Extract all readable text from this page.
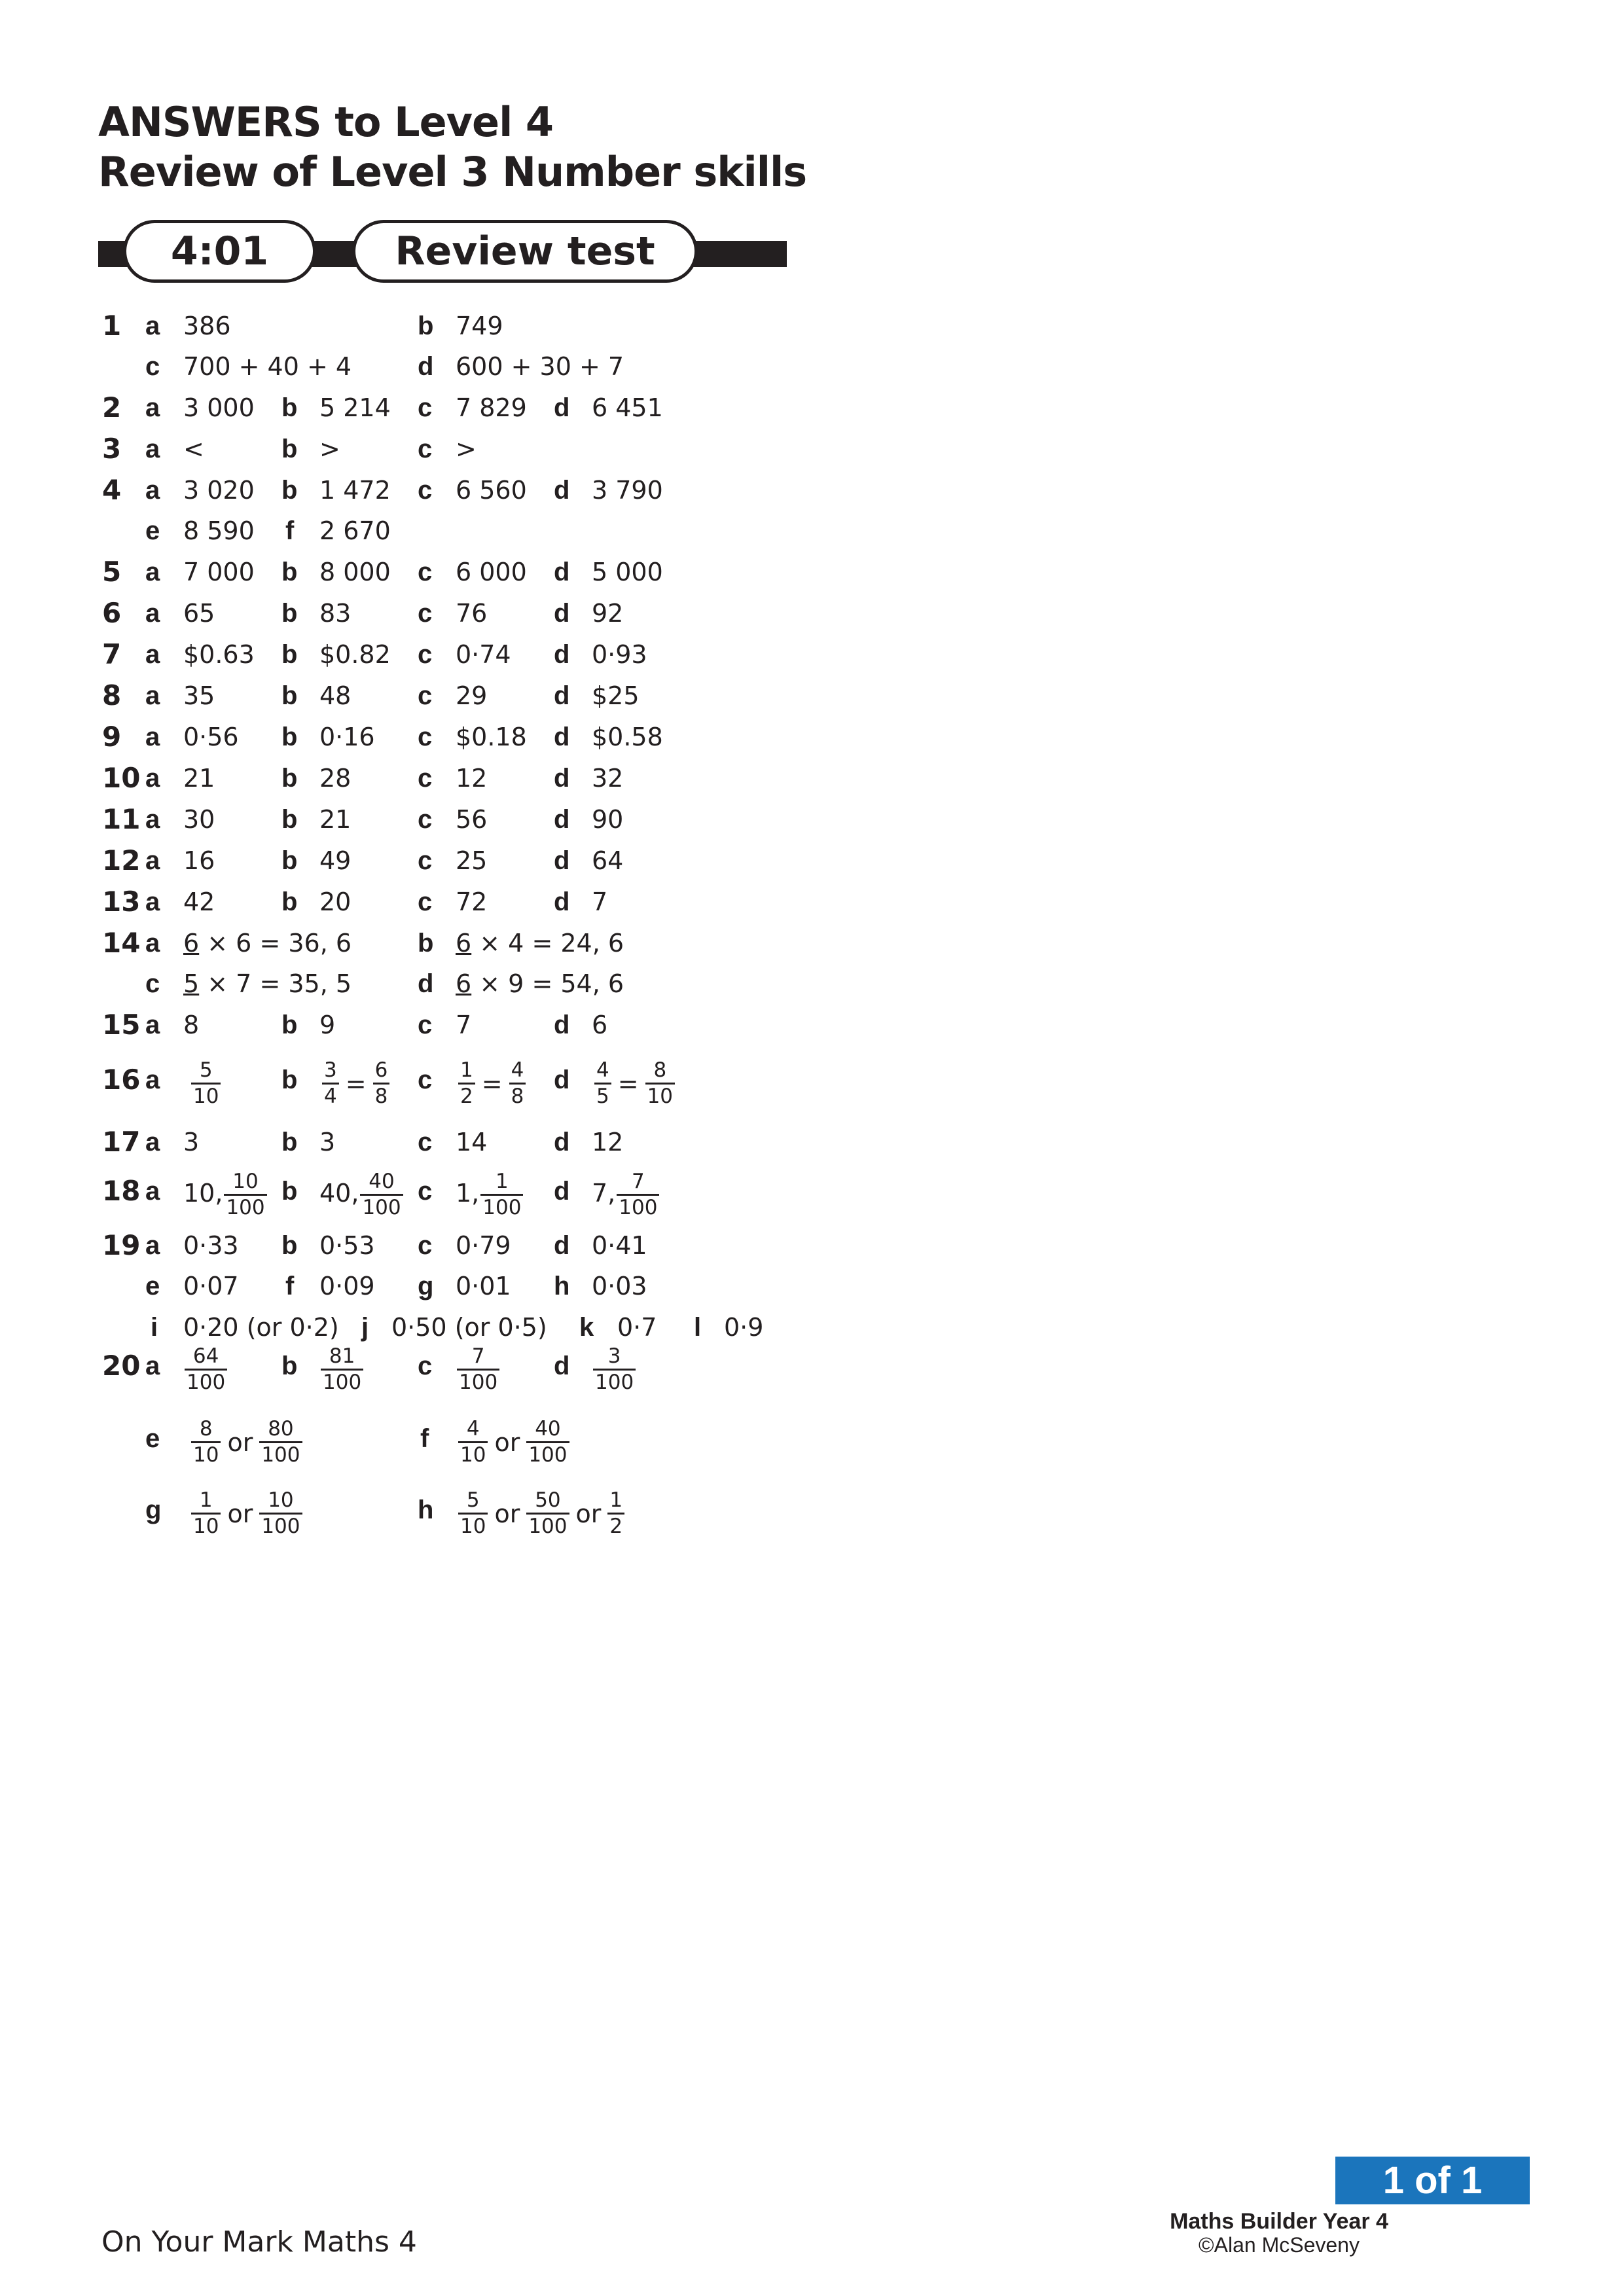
ANSWERS to Level 4
Review of Level 3 Number skills
4:01	Review test
1 a 386	b 749
c 700 + 40 + 4	d 600 + 30 + 7
2 a 3 000 b 5 214 c 7 829 d 6 451
3 a <	b >	c >
4 a 3 020 b 1 472 c 6 560 d 3 790
e 8 590 f 2 670
5 a 7 000 b 8 000 c 6 000 d 5 000
6 a 65	b 83	c 76	d 92
7 a $0.63 b $0.82 c 0·74 d 0·93
8 a 35	b 48	c 29	d $25
9 a 0·56 b 0·16 c $0.18 d $0.58
10 a 21	b 28	c 12	d 32
11 a 30	b 21	c 56	d 90
12 a 16	b 49	c 25	d 64
13 a 42	b 20	c 72	d 7
14 a 6 × 6 = 36, 6	b 6 × 4 = 24, 6
c 5 × 7 = 35, 5	d 6 × 9 = 54, 6
15 a 8	b 9	c 7	d 6
16 a $\frac{5}{10}$ b $\frac{3}{4} = \frac{6}{8}$ c $\frac{1}{2} = \frac{4}{8}$ d $\frac{4}{5} = \frac{8}{10}$
17 a 3	b 3	c 14	d 12
18 a 10, $\frac{10}{100}$ b 40, $\frac{40}{100}$ c 1, $\frac{1}{100}$ d 7, $\frac{7}{100}$
19 a 0·33 b 0·53 c 0·79 d 0·41
e 0·07 f 0·09 g 0·01 h 0·03
i 0·20 (or 0·2) j 0·50 (or 0·5) k 0·7 l 0·9
20 a $\frac{64}{100}$ b $\frac{81}{100}$ c $\frac{7}{100}$ d $\frac{3}{100}$
e $\frac{8}{10}$ or $\frac{80}{100}$	f $\frac{4}{10}$ or $\frac{40}{100}$
g $\frac{1}{10}$ or $\frac{10}{100}$	h $\frac{5}{10}$ or $\frac{50}{100}$ or $\frac{1}{2}$
1 of 1
Maths Builder Year 4
©Alan McSeveny
On Your Mark Maths 4
